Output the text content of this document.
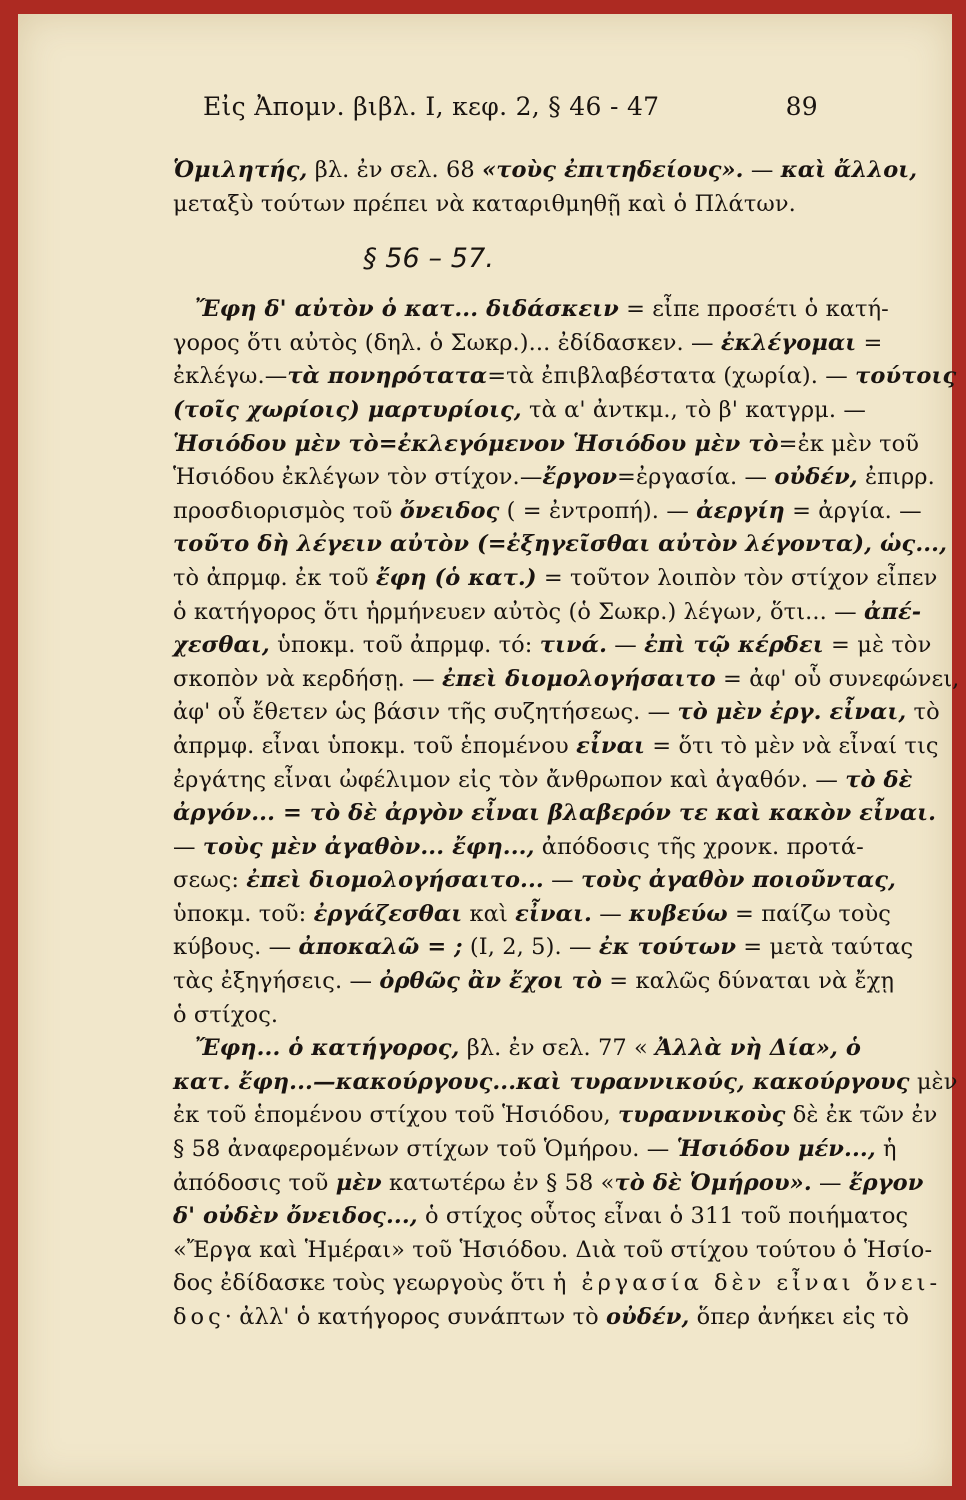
Εἰς Ἀπομν. βιβλ. I, κεφ. 2, § 46 - 47	89
Ὁμιλητής, βλ. ἐν σελ. 68 «τοὺς ἐπιτηδείους». — καὶ ἄλλοι,
μεταξὺ τούτων πρέπει νὰ καταριθμηθῇ καὶ ὁ Πλάτων.
§ 56 – 57.
Ἔφη δ' αὐτὸν ὁ κατ... διδάσκειν = εἶπε προσέτι ὁ κατή-
γορος ὅτι αὐτὸς (δηλ. ὁ Σωκρ.)... ἐδίδασκεν. — ἐκλέγομαι =
ἐκλέγω.—τὰ πονηρότατα=τὰ ἐπιβλαβέστατα (χωρία). — τούτοις
(τοῖς χωρίοις) μαρτυρίοις, τὰ α' ἀντκμ., τὸ β' κατγρμ. —
Ἡσιόδου μὲν τὸ=ἐκλεγόμενον Ἡσιόδου μὲν τὸ=ἐκ μὲν τοῦ
Ἡσιόδου ἐκλέγων τὸν στίχον.—ἔργον=ἐργασία. — οὐδέν, ἐπιρρ.
προσδιορισμὸς τοῦ ὄνειδος ( = ἐντροπή). — ἀεργίη = ἀργία. —
τοῦτο δὴ λέγειν αὐτὸν (=ἐξηγεῖσθαι αὐτὸν λέγοντα), ὡς...,
τὸ ἀπρμφ. ἐκ τοῦ ἔφη (ὁ κατ.) = τοῦτον λοιπὸν τὸν στίχον εἶπεν
ὁ κατήγορος ὅτι ἡρμήνευεν αὐτὸς (ὁ Σωκρ.) λέγων, ὅτι... — ἀπέ-
χεσθαι, ὑποκμ. τοῦ ἀπρμφ. τό: τινά. — ἐπὶ τῷ κέρδει = μὲ τὸν
σκοπὸν νὰ κερδήσῃ. — ἐπεὶ διομολογήσαιτο = ἀφ' οὗ συνεφώνει,
ἀφ' οὗ ἔθετεν ὡς βάσιν τῆς συζητήσεως. — τὸ μὲν ἐργ. εἶναι, τὸ
ἀπρμφ. εἶναι ὑποκμ. τοῦ ἑπομένου εἶναι = ὅτι τὸ μὲν νὰ εἶναί τις
ἐργάτης εἶναι ὠφέλιμον εἰς τὸν ἄνθρωπον καὶ ἀγαθόν. — τὸ δὲ
ἀργόν... = τὸ δὲ ἀργὸν εἶναι βλαβερόν τε καὶ κακὸν εἶναι.
— τοὺς μὲν ἀγαθὸν... ἔφη..., ἀπόδοσις τῆς χρονκ. προτά-
σεως: ἐπεὶ διομολογήσαιτο... — τοὺς ἀγαθὸν ποιοῦντας,
ὑποκμ. τοῦ: ἐργάζεσθαι καὶ εἶναι. — κυβεύω = παίζω τοὺς
κύβους. — ἀποκαλῶ = ; (I, 2, 5). — ἐκ τούτων = μετὰ ταύτας
τὰς ἐξηγήσεις. — ὀρθῶς ἂν ἔχοι τὸ = καλῶς δύναται νὰ ἔχῃ
ὁ στίχος.
Ἔφη... ὁ κατήγορος, βλ. ἐν σελ. 77 « Ἀλλὰ νὴ Δία», ὁ
κατ. ἔφη...—κακούργους...καὶ τυραννικούς, κακούργους μὲν
ἐκ τοῦ ἑπομένου στίχου τοῦ Ἡσιόδου, τυραννικοὺς δὲ ἐκ τῶν ἐν
§ 58 ἀναφερομένων στίχων τοῦ Ὁμήρου. — Ἡσιόδου μέν..., ἡ
ἀπόδοσις τοῦ μὲν κατωτέρω ἐν § 58 «τὸ δὲ Ὁμήρου». — ἔργον
δ' οὐδὲν ὄνειδος..., ὁ στίχος οὗτος εἶναι ὁ 311 τοῦ ποιήματος
«Ἔργα καὶ Ἡμέραι» τοῦ Ἡσιόδου. Διὰ τοῦ στίχου τούτου ὁ Ἡσίο-
δος ἐδίδασκε τοὺς γεωργοὺς ὅτι ἡ ἐργασία δὲν εἶναι ὄνει-
δος· ἀλλ' ὁ κατήγορος συνάπτων τὸ οὐδέν, ὅπερ ἀνήκει εἰς τὸ
